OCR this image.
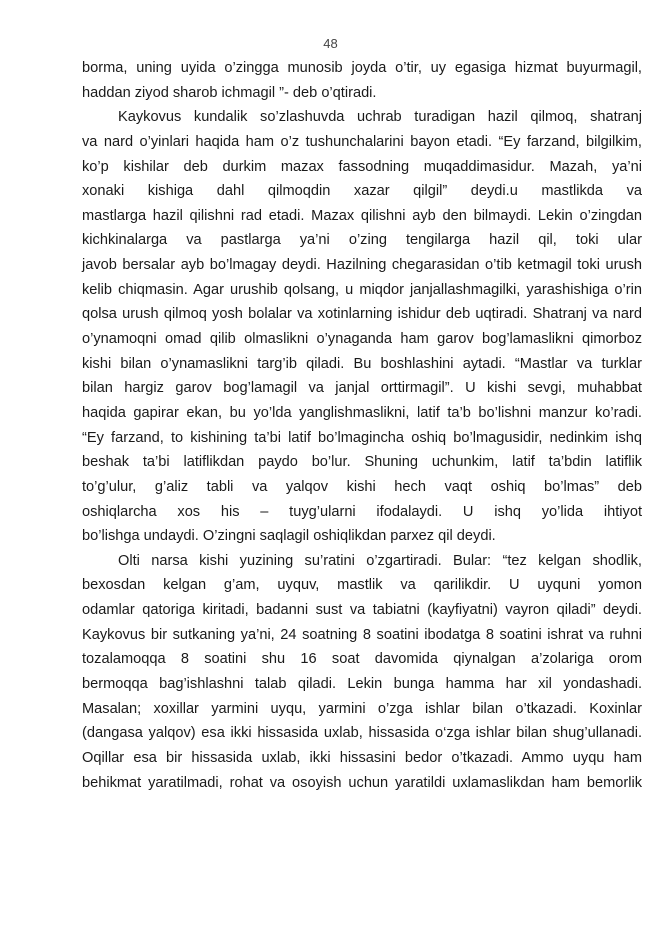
48
borma, uning uyida o’zingga munosib joyda o’tir, uy egasiga hizmat buyurmagil,
haddan ziyod sharob ichmagil ”- deb o’qtiradi.
Kaykovus kundalik so’zlashuvda uchrab turadigan hazil qilmoq, shatranj
va nard o’yinlari haqida ham o’z tushunchalarini bayon etadi. “Ey farzand, bilgilkim,
ko’p kishilar deb durkim mazax fassodning muqaddimasidur. Mazah, ya’ni
xonaki kishiga dahl qilmoqdin xazar qilgil” deydi.u mastlikda va
mastlarga hazil qilishni rad etadi. Mazax qilishni ayb den bilmaydi. Lekin o’zingdan
kichkinalarga va pastlarga ya’ni o’zing tengilarga hazil qil, toki ular
javob bersalar ayb bo’lmagay deydi. Hazilning chegarasidan o’tib ketmagil toki urush
kelib chiqmasin. Agar urushib qolsang, u miqdor janjallashmagilki, yarashishiga o’rin
qolsa urush qilmoq yosh bolalar va xotinlarning ishidur deb uqtiradi. Shatranj va nard
o’ynamoqni omad qilib olmaslikni o’ynaganda ham garov bog’lamaslikni qimorboz
kishi bilan o’ynamaslikni targ’ib qiladi. Bu boshlashini aytadi. “Mastlar va turklar
bilan hargiz garov bog’lamagil va janjal orttirmagil”. U kishi sevgi, muhabbat
haqida gapirar ekan, bu yo’lda yanglishmaslikni, latif ta’b bo’lishni manzur ko’radi.
“Ey farzand, to kishining ta’bi latif bo’lmagincha oshiq bo’lmagusidir, nedinkim ishq
beshak ta’bi latiflikdan paydo bo’lur. Shuning uchunkim, latif ta’bdin latiflik
to’g’ulur, g’aliz tabli va yalqov kishi hech vaqt oshiq bo’lmas” deb
oshiqlarcha xos his – tuyg’ularni ifodalaydi. U ishq yo’lida ihtiyot
bo’lishga undaydi. O’zingni saqlagil oshiqlikdan parxez qil deydi.
Olti narsa kishi yuzining su’ratini o’zgartiradi. Bular: “tez kelgan shodlik,
bexosdan kelgan g’am, uyquv, mastlik va qarilikdir. U uyquni yomon
odamlar qatoriga kiritadi, badanni sust va tabiatni (kayfiyatni) vayron qiladi” deydi.
Kaykovus bir sutkaning ya’ni, 24 soatning 8 soatini ibodatga 8 soatini ishrat va ruhni
tozalamoqqa 8 soatini shu 16 soat davomida qiynalgan a’zolariga orom
bermoqqa bag’ishlashni talab qiladi. Lekin bunga hamma har xil yondashadi.
Masalan; xoxillar yarmini uyqu, yarmini o’zga ishlar bilan o’tkazadi. Koxinlar
(dangasa yalqov) esa ikki hissasida uxlab, hissasida o‘zga ishlar bilan shug’ullanadi.
Oqillar esa bir hissasida uxlab, ikki hissasini bedor o’tkazadi. Ammo uyqu ham
behikmat yaratilmadi, rohat va osoyish uchun yaratildi uxlamaslikdan ham bemorlik
